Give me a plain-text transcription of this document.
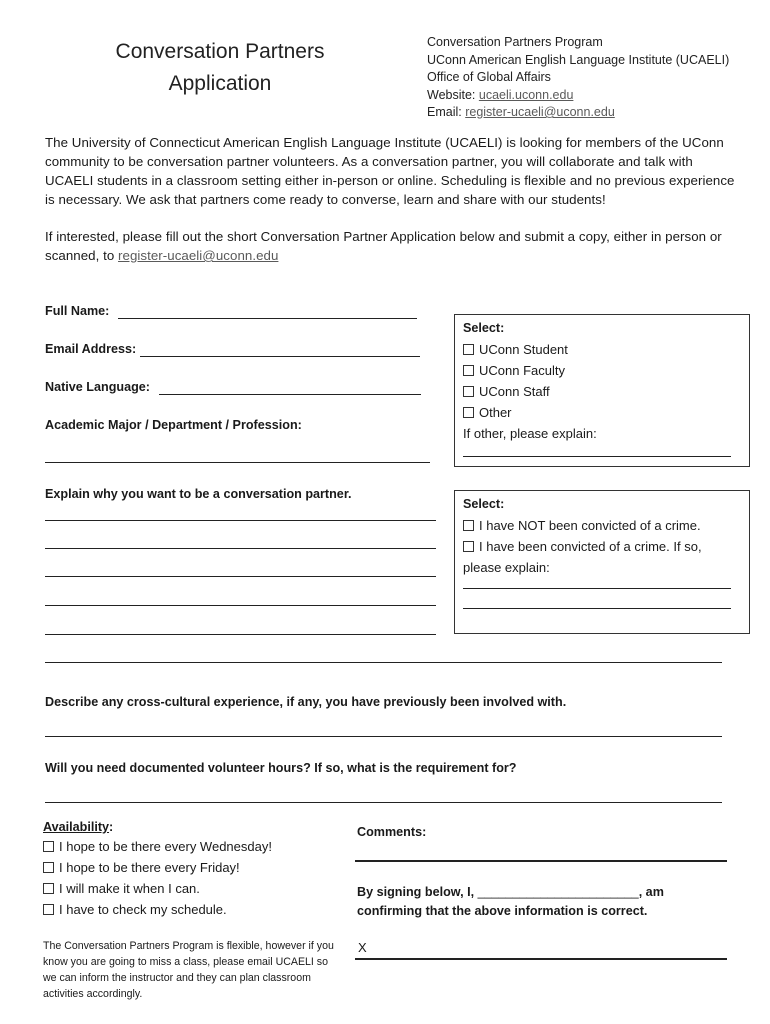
Conversation Partners
Application
Conversation Partners Program
UConn American English Language Institute (UCAELI)
Office of Global Affairs
Website: ucaeli.uconn.edu
Email: register-ucaeli@uconn.edu

The University of Connecticut American English Language Institute (UCAELI) is looking for members of the UConn community to be conversation partner volunteers. As a conversation partner, you will collaborate and talk with UCAELI students in a classroom setting either in-person or online. Scheduling is flexible and no previous experience is necessary. We ask that partners come ready to converse, learn and share with our students!

If interested, please fill out the short Conversation Partner Application below and submit a copy, either in person or scanned, to register-ucaeli@uconn.edu

Full Name:
Email Address:
Native Language:
Academic Major / Department / Profession:
Select:
UConn Student
UConn Faculty
UConn Staff
Other
If other, please explain:
Explain why you want to be a conversation partner.
Select:
I have NOT been convicted of a crime.
I have been convicted of a crime. If so,
please explain:
Describe any cross-cultural experience, if any, you have previously been involved with.
Will you need documented volunteer hours? If so, what is the requirement for?
Availability:
I hope to be there every Wednesday!
I hope to be there every Friday!
I will make it when I can.
I have to check my schedule.
The Conversation Partners Program is flexible, however if you know you are going to miss a class, please email UCAELI so we can inform the instructor and they can plan classroom activities accordingly.
Comments:
By signing below, I, _______________________, am
confirming that the above information is correct.
X
